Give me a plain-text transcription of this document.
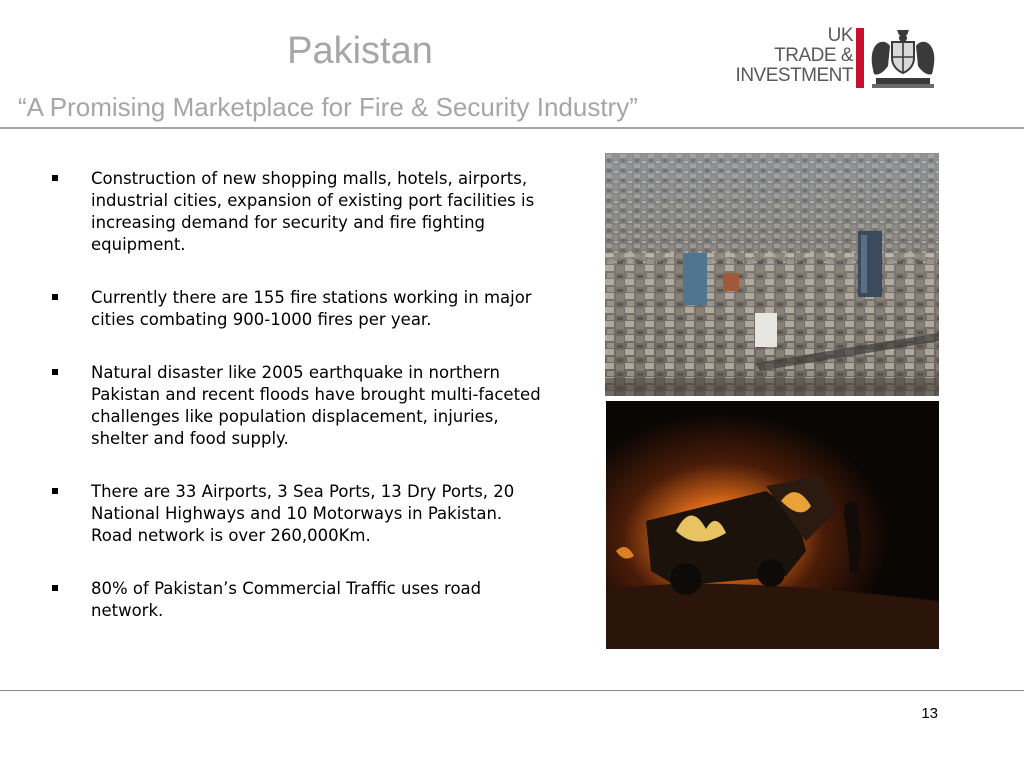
Pakistan
“A Promising Marketplace for Fire & Security Industry”
UK
TRADE &
INVESTMENT
Construction of new shopping malls, hotels, airports, industrial cities, expansion of existing port facilities is increasing demand for security and fire fighting equipment.
Currently there are 155 fire stations working in major cities combating 900-1000 fires per year.
Natural disaster like 2005 earthquake in northern Pakistan and recent floods have brought multi-faceted challenges like population displacement, injuries, shelter and food supply.
There are 33 Airports, 3 Sea Ports, 13 Dry Ports, 20 National Highways and 10 Motorways in Pakistan. Road network is over 260,000Km.
80% of Pakistan’s Commercial Traffic uses road network.
13
